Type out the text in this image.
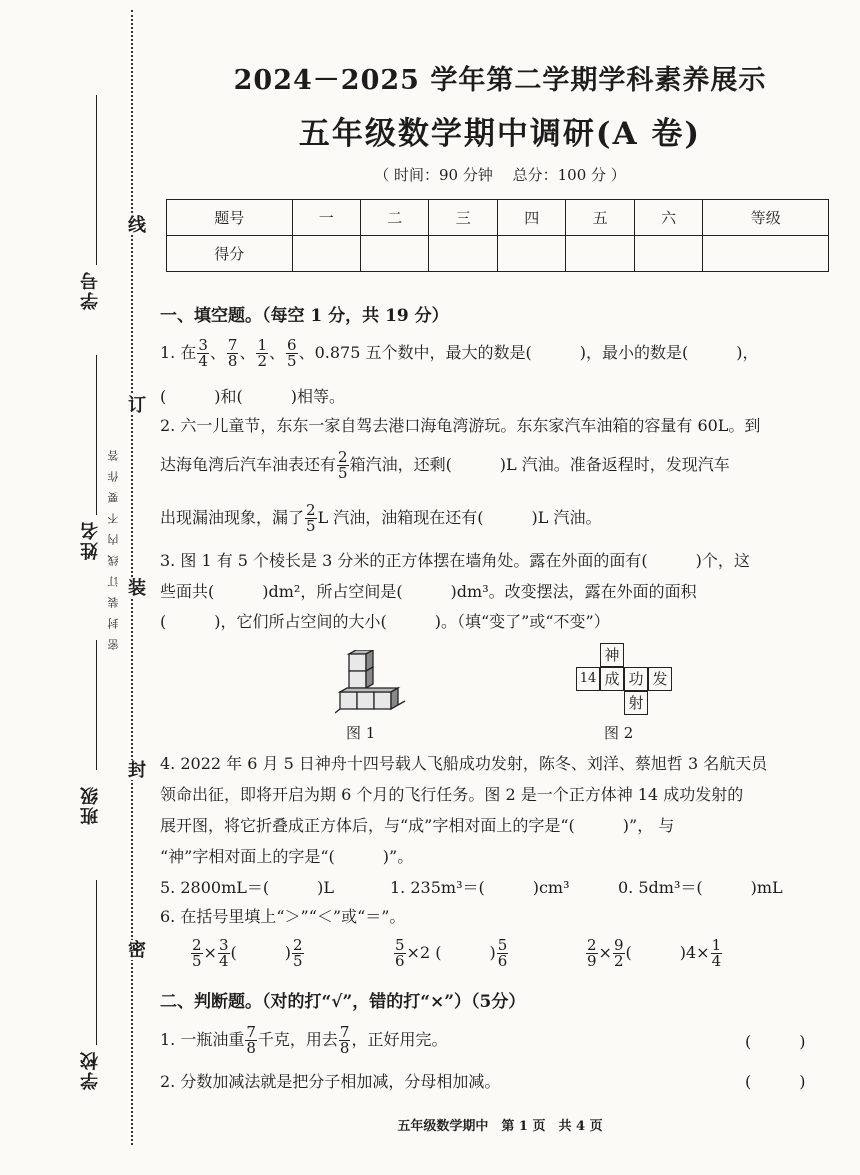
学号
姓名
班级
学校
线
订
装
封
密
密封装订线内不要作答
2024－2025 学年第二学期学科素养展示
五年级数学期中调研(A 卷)
（ 时间：90 分钟　 总分：100 分 ）
题号	一	二	三	四	五	六	等级
得分							
一、填空题。（每空 1 分，共 19 分）
1. 在 $\frac{3}{4}$ 、 $\frac{7}{8}$ 、 $\frac{1}{2}$ 、 $\frac{6}{5}$ 、0.875 五个数中，最大的数是(　　　)，最小的数是(　　　)，
(　　　)和(　　　)相等。
2. 六一儿童节，东东一家自驾去港口海龟湾游玩。东东家汽车油箱的容量有 60L。到
达海龟湾后汽车油表还有 $\frac{2}{5}$ 箱汽油，还剩(　　　)L 汽油。准备返程时，发现汽车
出现漏油现象，漏了 $\frac{2}{5}$ L 汽油，油箱现在还有(　　　)L 汽油。
3. 图 1 有 5 个棱长是 3 分米的正方体摆在墙角处。露在外面的面有(　　　)个，这
些面共(　　　)dm²，所占空间是(　　　)dm³。改变摆法，露在外面的面积
(　　　)，它们所占空间的大小(　　　)。（填“变了”或“不变”）
图 1
神
14 成 功 发
射
图 2
4. 2022 年 6 月 5 日神舟十四号载人飞船成功发射，陈冬、刘洋、蔡旭哲 3 名航天员
领命出征，即将开启为期 6 个月的飞行任务。图 2 是一个正方体神 14 成功发射的
展开图，将它折叠成正方体后，与“成”字相对面上的字是“(　　　)”， 与
“神”字相对面上的字是“(　　　)”。
5. 2800mL＝(　　　)L	1. 235m³＝(　　　)cm³	0. 5dm³＝(　　　)mL
6. 在括号里填上“＞”“＜”或“＝”。
$\frac{2}{5} \times \frac{3}{4}$ (　　　) $\frac{2}{5}$	$\frac{5}{6} \times 2$ (　　　) $\frac{5}{6}$	$\frac{2}{9} \times \frac{9}{2}$ (　　　)$4\times \frac{1}{4}$
二、判断题。（对的打“√”，错的打“×”）（5分）
1. 一瓶油重 $\frac{7}{8}$ 千克，用去 $\frac{7}{8}$ ，正好用完。	(　　　)
2. 分数加减法就是把分子相加减，分母相加减。	(　　　)
五年级数学期中　第 1 页　共 4 页
